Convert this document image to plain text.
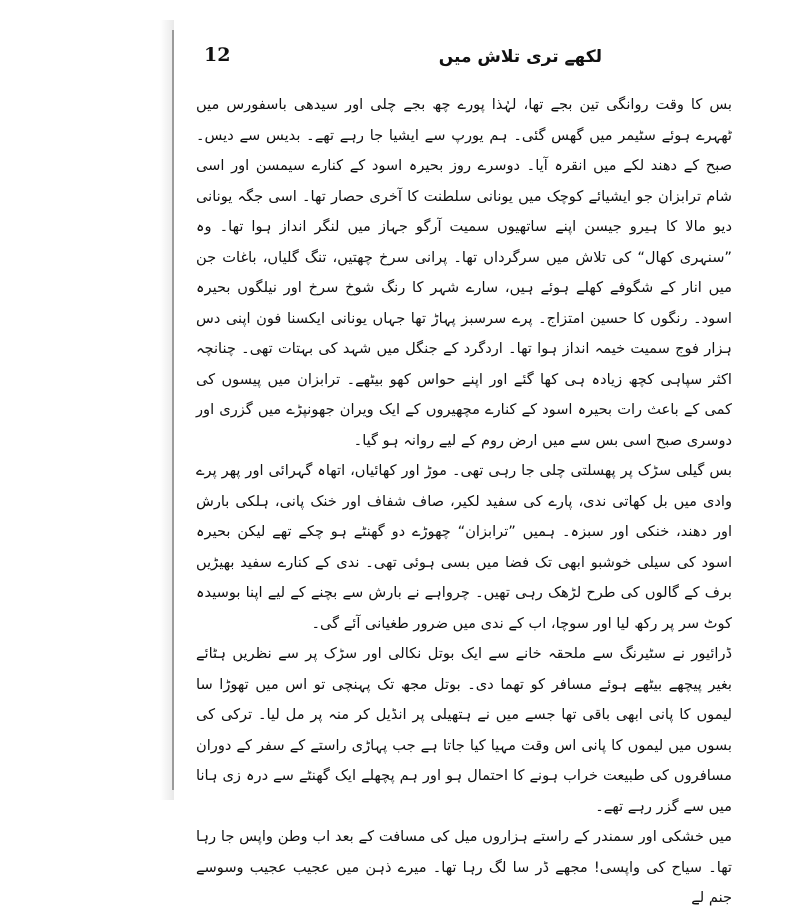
12	لکھے تری تلاش میں

بس کا وقت روانگی تین بجے تھا، لہٰذا پورے چھ بجے چلی اور سیدھی باسفورس میں ٹھہرے ہوئے سٹیمر میں گھس گئی۔ ہم یورپ سے ایشیا جا رہے تھے۔ بدیس سے دیس۔ صبح کے دھند لکے میں انقرہ آیا۔ دوسرے روز بحیرہ اسود کے کنارے سیمسن اور اسی شام ترابزان جو ایشیائے کوچک میں یونانی سلطنت کا آخری حصار تھا۔ اسی جگہ یونانی دیو مالا کا ہیرو جیسن اپنے ساتھیوں سمیت آرگو جہاز میں لنگر انداز ہوا تھا۔ وہ ”سنہری کھال“ کی تلاش میں سرگرداں تھا۔ پرانی سرخ چھتیں، تنگ گلیاں، باغات جن میں انار کے شگوفے کھلے ہوئے ہیں، سارے شہر کا رنگ شوخ سرخ اور نیلگوں بحیرہ اسود۔ رنگوں کا حسین امتزاج۔ پرے سرسبز پہاڑ تھا جہاں یونانی ایکسنا فون اپنی دس ہزار فوج سمیت خیمہ انداز ہوا تھا۔ اردگرد کے جنگل میں شہد کی بہتات تھی۔ چنانچہ اکثر سپاہی کچھ زیادہ ہی کھا گئے اور اپنے حواس کھو بیٹھے۔ ترابزان میں پیسوں کی کمی کے باعث رات بحیرہ اسود کے کنارے مچھیروں کے ایک ویران جھونپڑے میں گزری اور دوسری صبح اسی بس سے میں ارض روم کے لیے روانہ ہو گیا۔

بس گیلی سڑک پر پھسلتی چلی جا رہی تھی۔ موڑ اور کھائیاں، اتھاہ گہرائی اور پھر پرے وادی میں بل کھاتی ندی، پارے کی سفید لکیر، صاف شفاف اور خنک پانی، ہلکی بارش اور دھند، خنکی اور سبزہ۔ ہمیں ”ترابزان“ چھوڑے دو گھنٹے ہو چکے تھے لیکن بحیرہ اسود کی سیلی خوشبو ابھی تک فضا میں بسی ہوئی تھی۔ ندی کے کنارے سفید بھیڑیں برف کے گالوں کی طرح لڑھک رہی تھیں۔ چرواہے نے بارش سے بچنے کے لیے اپنا بوسیدہ کوٹ سر پر رکھ لیا اور سوچا، اب کے ندی میں ضرور طغیانی آئے گی۔

ڈرائیور نے سٹیرنگ سے ملحقہ خانے سے ایک بوتل نکالی اور سڑک پر سے نظریں ہٹائے بغیر پیچھے بیٹھے ہوئے مسافر کو تھما دی۔ بوتل مجھ تک پہنچی تو اس میں تھوڑا سا لیموں کا پانی ابھی باقی تھا جسے میں نے ہتھیلی پر انڈیل کر منہ پر مل لیا۔ ترکی کی بسوں میں لیموں کا پانی اس وقت مہیا کیا جاتا ہے جب پہاڑی راستے کے سفر کے دوران مسافروں کی طبیعت خراب ہونے کا احتمال ہو اور ہم پچھلے ایک گھنٹے سے درہ زی ہانا میں سے گزر رہے تھے۔

میں خشکی اور سمندر کے راستے ہزاروں میل کی مسافت کے بعد اب وطن واپس جا رہا تھا۔ سیاح کی واپسی! مجھے ڈر سا لگ رہا تھا۔ میرے ذہن میں عجیب عجیب وسوسے جنم لے
